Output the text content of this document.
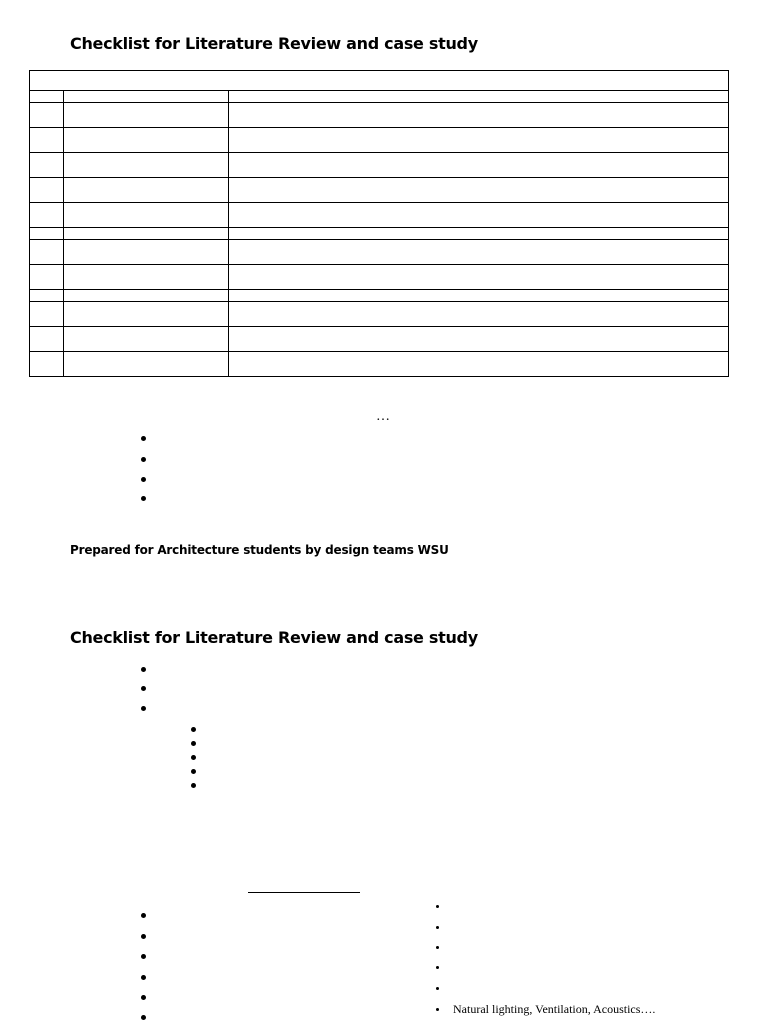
Checklist for Literature Review and case study

…
Prepared for Architecture students by design teams WSU
Checklist for Literature Review and case study
Natural lighting, Ventilation, Acoustics….
